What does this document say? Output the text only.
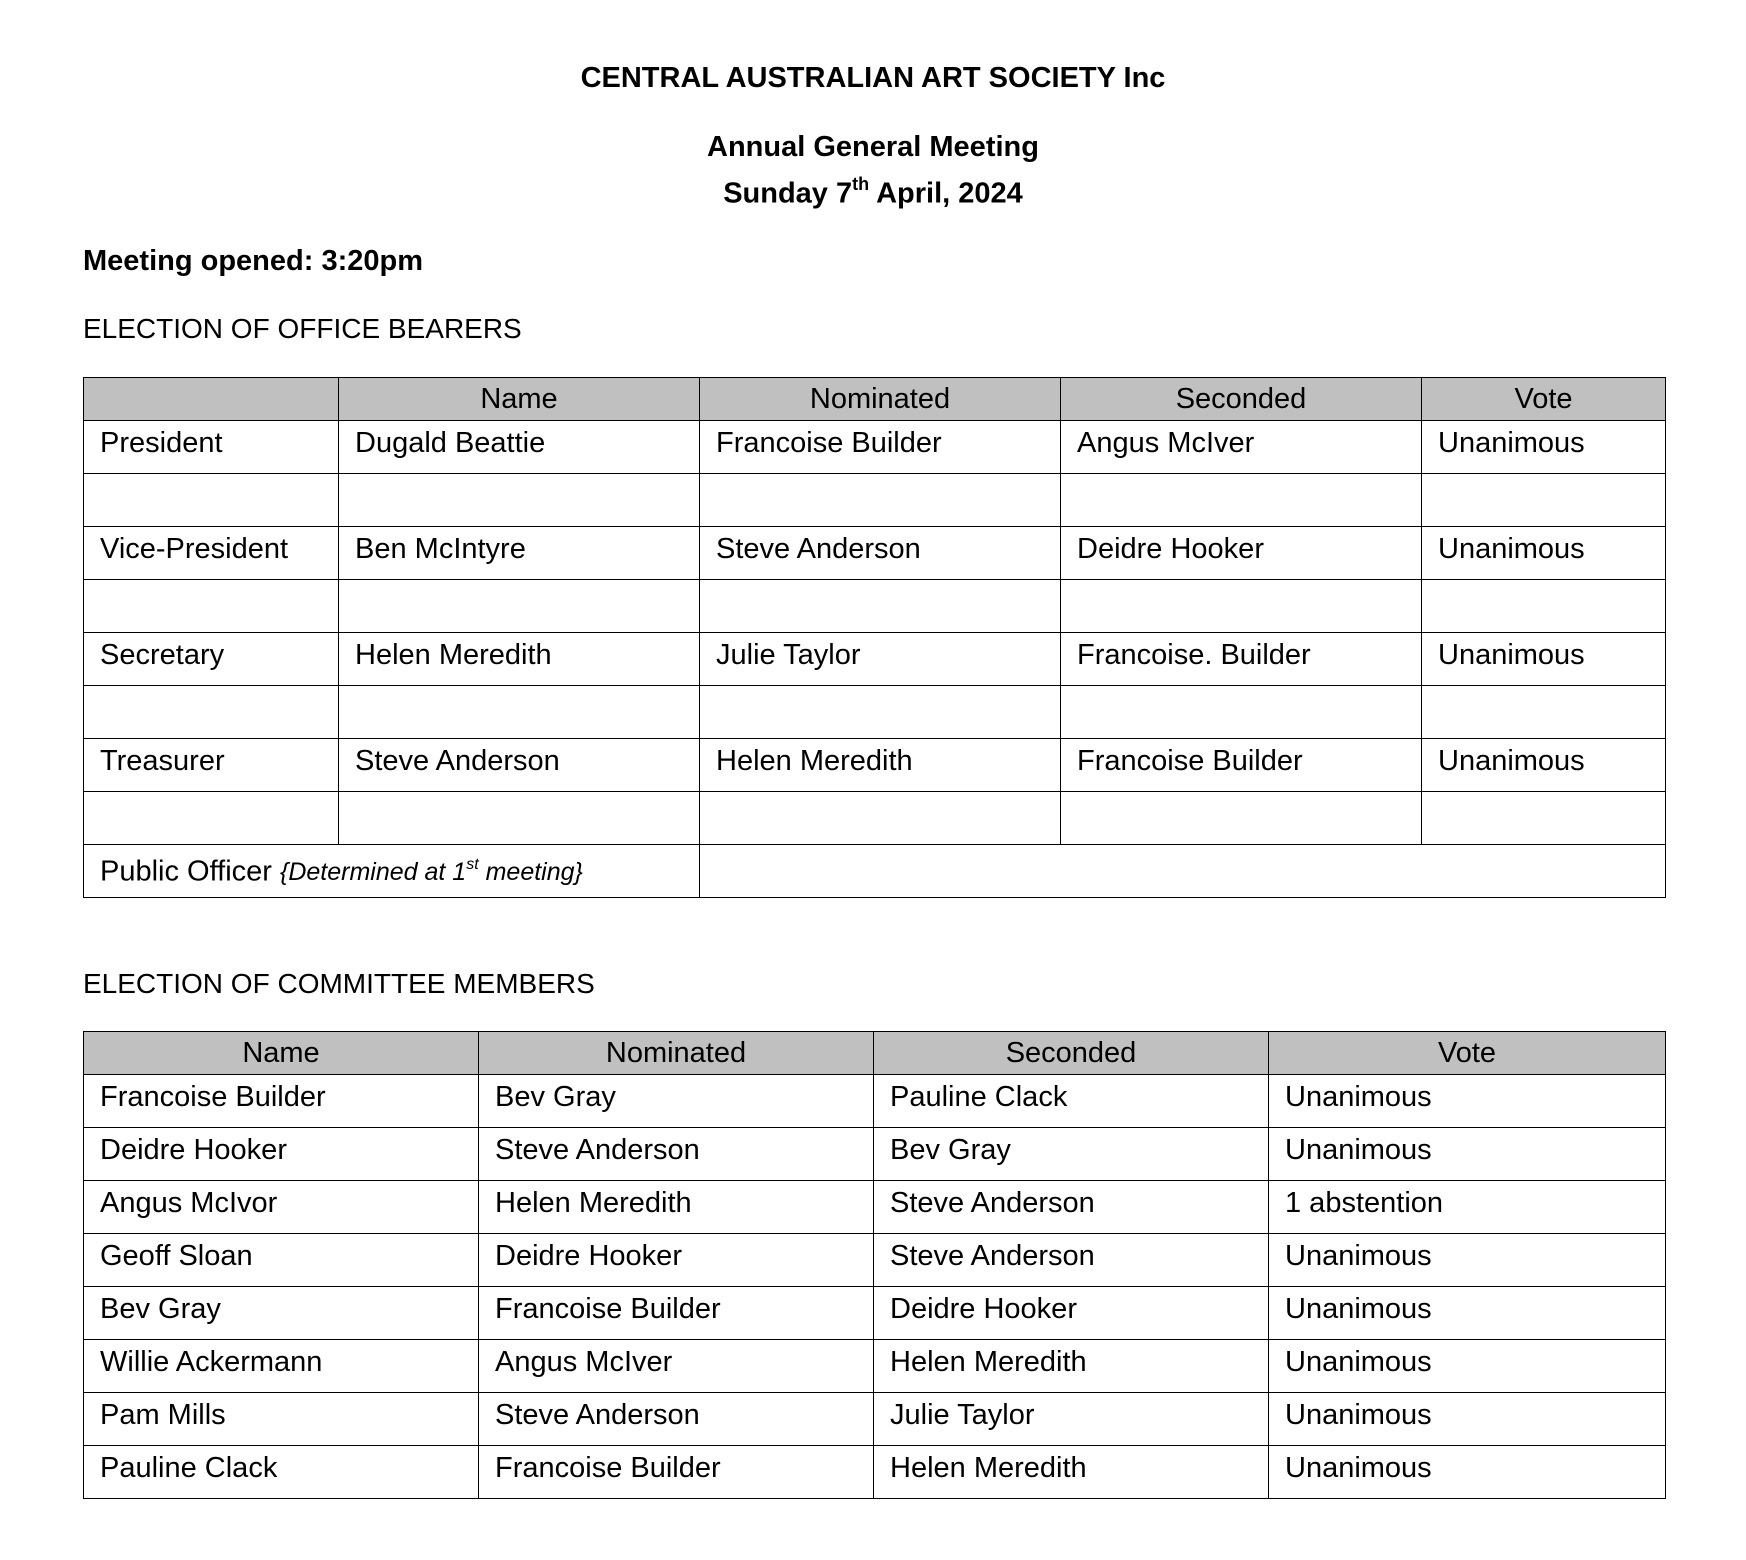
CENTRAL AUSTRALIAN ART SOCIETY Inc
Annual General Meeting
Sunday 7th April, 2024
Meeting opened: 3:20pm
ELECTION OF OFFICE BEARERS
	Name	Nominated	Seconded	Vote
President	Dugald Beattie	Francoise Builder	Angus McIver	Unanimous

Vice-President	Ben McIntyre	Steve Anderson	Deidre Hooker	Unanimous

Secretary	Helen Meredith	Julie Taylor	Francoise. Builder	Unanimous

Treasurer	Steve Anderson	Helen Meredith	Francoise Builder	Unanimous

Public Officer {Determined at 1st meeting}				
ELECTION OF COMMITTEE MEMBERS
Name	Nominated	Seconded	Vote
Francoise Builder	Bev Gray	Pauline Clack	Unanimous
Deidre Hooker	Steve Anderson	Bev Gray	Unanimous
Angus McIvor	Helen Meredith	Steve Anderson	1 abstention
Geoff Sloan	Deidre Hooker	Steve Anderson	Unanimous
Bev Gray	Francoise Builder	Deidre Hooker	Unanimous
Willie Ackermann	Angus McIver	Helen Meredith	Unanimous
Pam Mills	Steve Anderson	Julie Taylor	Unanimous
Pauline Clack	Francoise Builder	Helen Meredith	Unanimous
